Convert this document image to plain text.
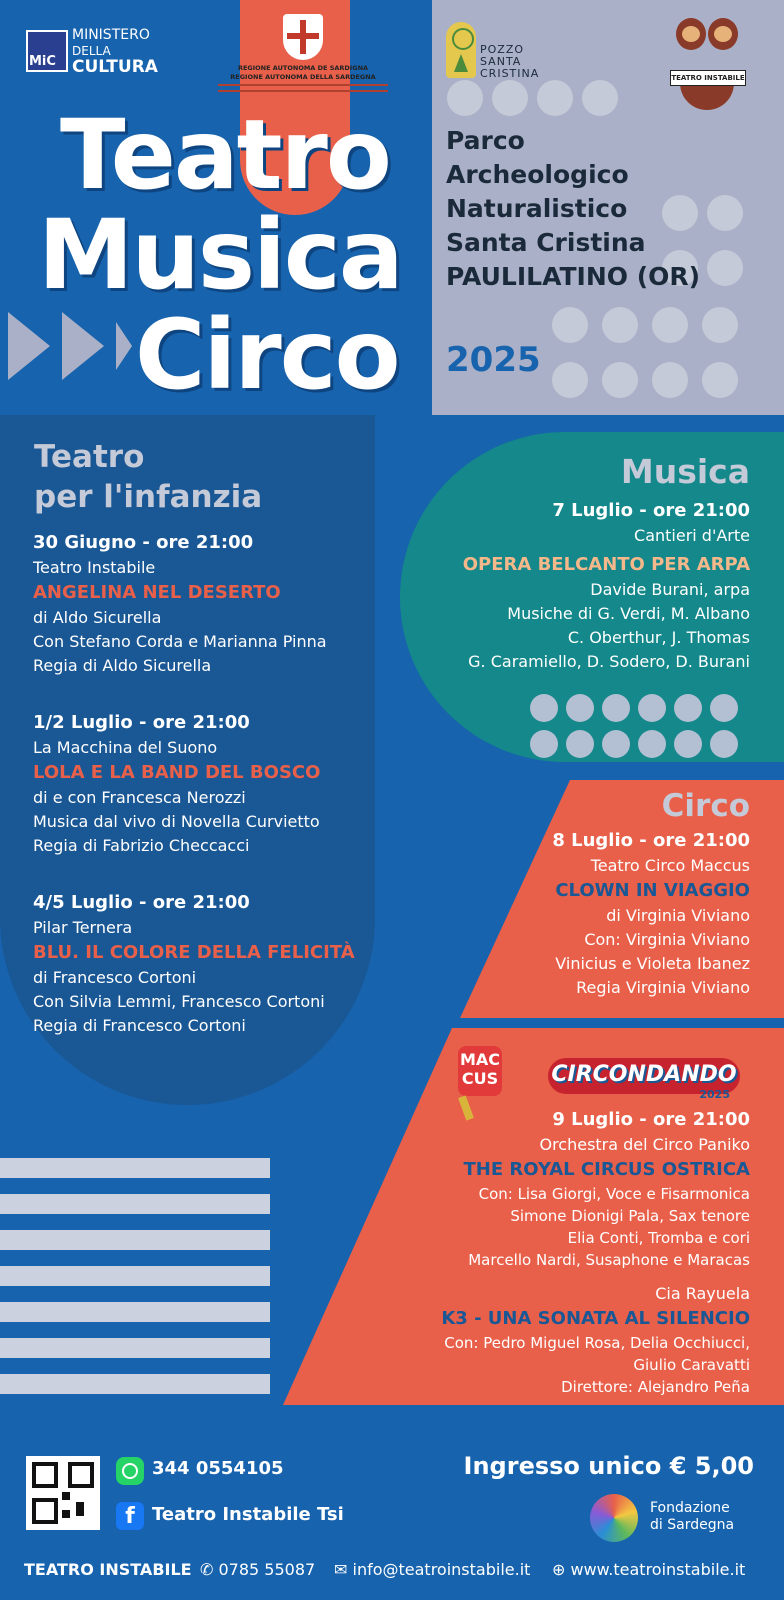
MiC
MINISTERO
DELLA
CULTURA	REGIONE AUTONOMA DE SARDIGNA
REGIONE AUTONOMA DELLA SARDEGNA
POZZO
SANTA
CRISTINA	TEATRO INSTABILE
Teatro
Musica
Circo
Parco
Archeologico
Naturalistico
Santa Cristina
PAULILATINO (OR)
2025
Teatro
per l'infanzia
30 Giugno - ore 21:00
Teatro Instabile
ANGELINA NEL DESERTO
di Aldo Sicurella
Con Stefano Corda e Marianna Pinna
Regia di Aldo Sicurella
1/2 Luglio - ore 21:00
La Macchina del Suono
LOLA E LA BAND DEL BOSCO
di e con Francesca Nerozzi
Musica dal vivo di Novella Curvietto
Regia di Fabrizio Checcacci
4/5 Luglio - ore 21:00
Pilar Ternera
BLU. IL COLORE DELLA FELICITÀ
di Francesco Cortoni
Con Silvia Lemmi, Francesco Cortoni
Regia di Francesco Cortoni
Musica
7 Luglio - ore 21:00
Cantieri d'Arte
OPERA BELCANTO PER ARPA
Davide Burani, arpa
Musiche di G. Verdi, M. Albano
C. Oberthur, J. Thomas
G. Caramiello, D. Sodero, D. Burani
Circo
8 Luglio - ore 21:00
Teatro Circo Maccus
CLOWN IN VIAGGIO
di Virginia Viviano
Con: Virginia Viviano
Vinicius e Violeta Ibanez
Regia Virginia Viviano
MAC
CUS CIRCONDANDO
2025
9 Luglio - ore 21:00
Orchestra del Circo Paniko
THE ROYAL CIRCUS OSTRICA
Con: Lisa Giorgi, Voce e Fisarmonica
Simone Dionigi Pala, Sax tenore
Elia Conti, Tromba e cori
Marcello Nardi, Susaphone e Maracas
Cia Rayuela
K3 - UNA SONATA AL SILENCIO
Con: Pedro Miguel Rosa, Delia Occhiucci,
Giulio Caravatti
Direttore: Alejandro Peña
344 0554105
f Teatro Instabile Tsi
Ingresso unico € 5,00
Fondazione
di Sardegna
TEATRO INSTABILE ✆ 0785 55087 ✉ info@teatroinstabile.it ⊕ www.teatroinstabile.it
